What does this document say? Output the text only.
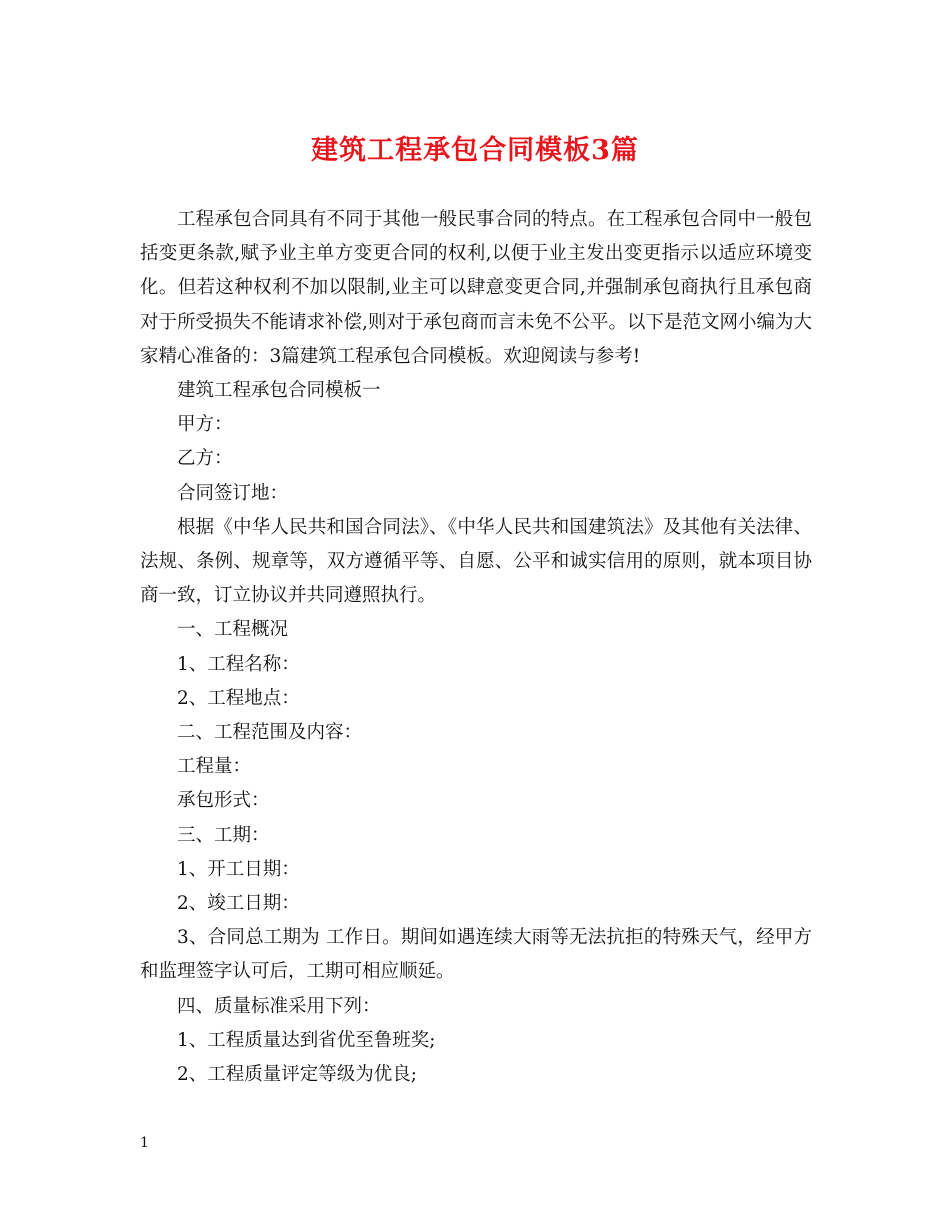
建筑工程承包合同模板3篇

工程承包合同具有不同于其他一般民事合同的特点。在工程承包合同中一般包括变更条款,赋予业主单方变更合同的权利,以便于业主发出变更指示以适应环境变化。但若这种权利不加以限制,业主可以肆意变更合同,并强制承包商执行且承包商对于所受损失不能请求补偿,则对于承包商而言未免不公平。以下是范文网小编为大家精心准备的：3篇建筑工程承包合同模板。欢迎阅读与参考!

建筑工程承包合同模板一

甲方：

乙方：

合同签订地：

根据《中华人民共和国合同法》、《中华人民共和国建筑法》及其他有关法律、法规、条例、规章等，双方遵循平等、自愿、公平和诚实信用的原则，就本项目协商一致，订立协议并共同遵照执行。

一、工程概况

1、工程名称：

2、工程地点：

二、工程范围及内容：

工程量：

承包形式：

三、工期：

1、开工日期：

2、竣工日期：

3、合同总工期为 工作日。期间如遇连续大雨等无法抗拒的特殊天气，经甲方和监理签字认可后，工期可相应顺延。

四、质量标准采用下列：

1、工程质量达到省优至鲁班奖;

2、工程质量评定等级为优良;

1
